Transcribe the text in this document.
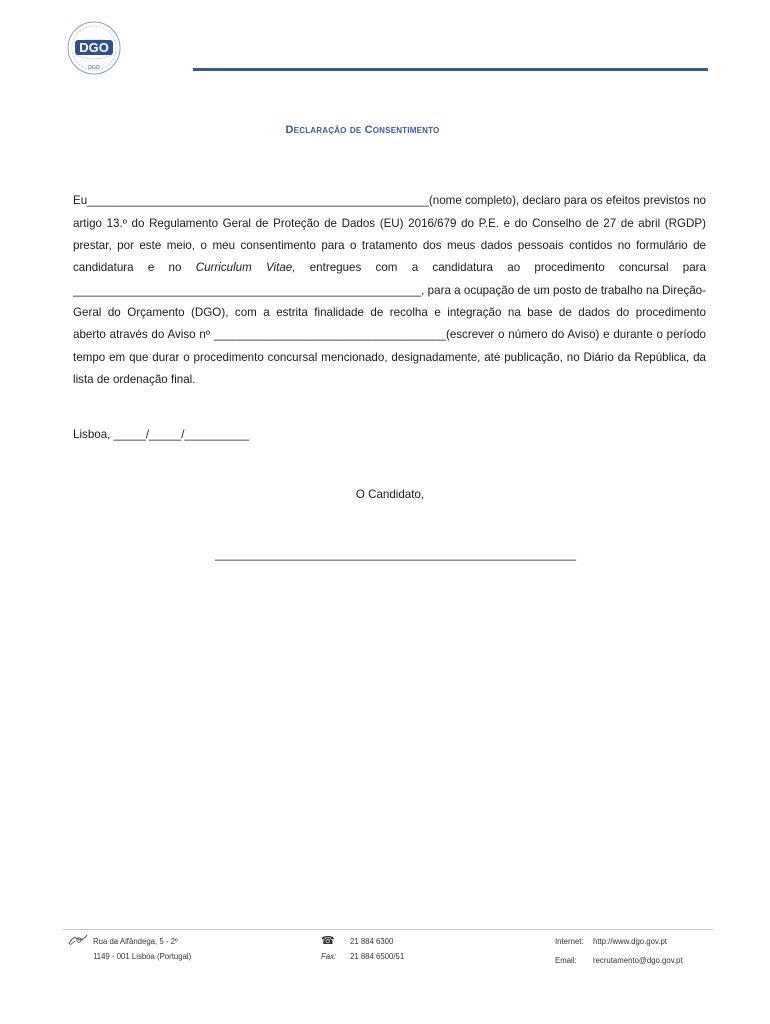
DGO
DGO
Declaração de Consentimento
Eu_____________________________________________________(nome completo), declaro para os efeitos previstos no
artigo 13.º do Regulamento Geral de Proteção de Dados (EU) 2016/679 do P.E. e do Conselho de 27 de abril (RGDP)
prestar, por este meio, o meu consentimento para o tratamento dos meus dados pessoais contidos no formulário de
candidatura e no Curriculum Vitae, entregues com a candidatura ao procedimento concursal para
______________________________________________________, para a ocupação de um posto de trabalho na Direção-
Geral do Orçamento (DGO), com a estrita finalidade de recolha e integração na base de dados do procedimento
aberto através do Aviso nº ____________________________________(escrever o número do Aviso) e durante o período
tempo em que durar o procedimento concursal mencionado, designadamente, até publicação, no Diário da República, da
lista de ordenação final.
Lisboa, _____/_____/__________
O Candidato,
________________________________________________________
Rua da Alfândega, 5 - 2º
1149 - 001 Lisboa (Portugal)
☎ 21 884 6300
Fax: 21 884 6500/51
Internet: http://www.dgo.gov.pt
Email: recrutamento@dgo.gov.pt
